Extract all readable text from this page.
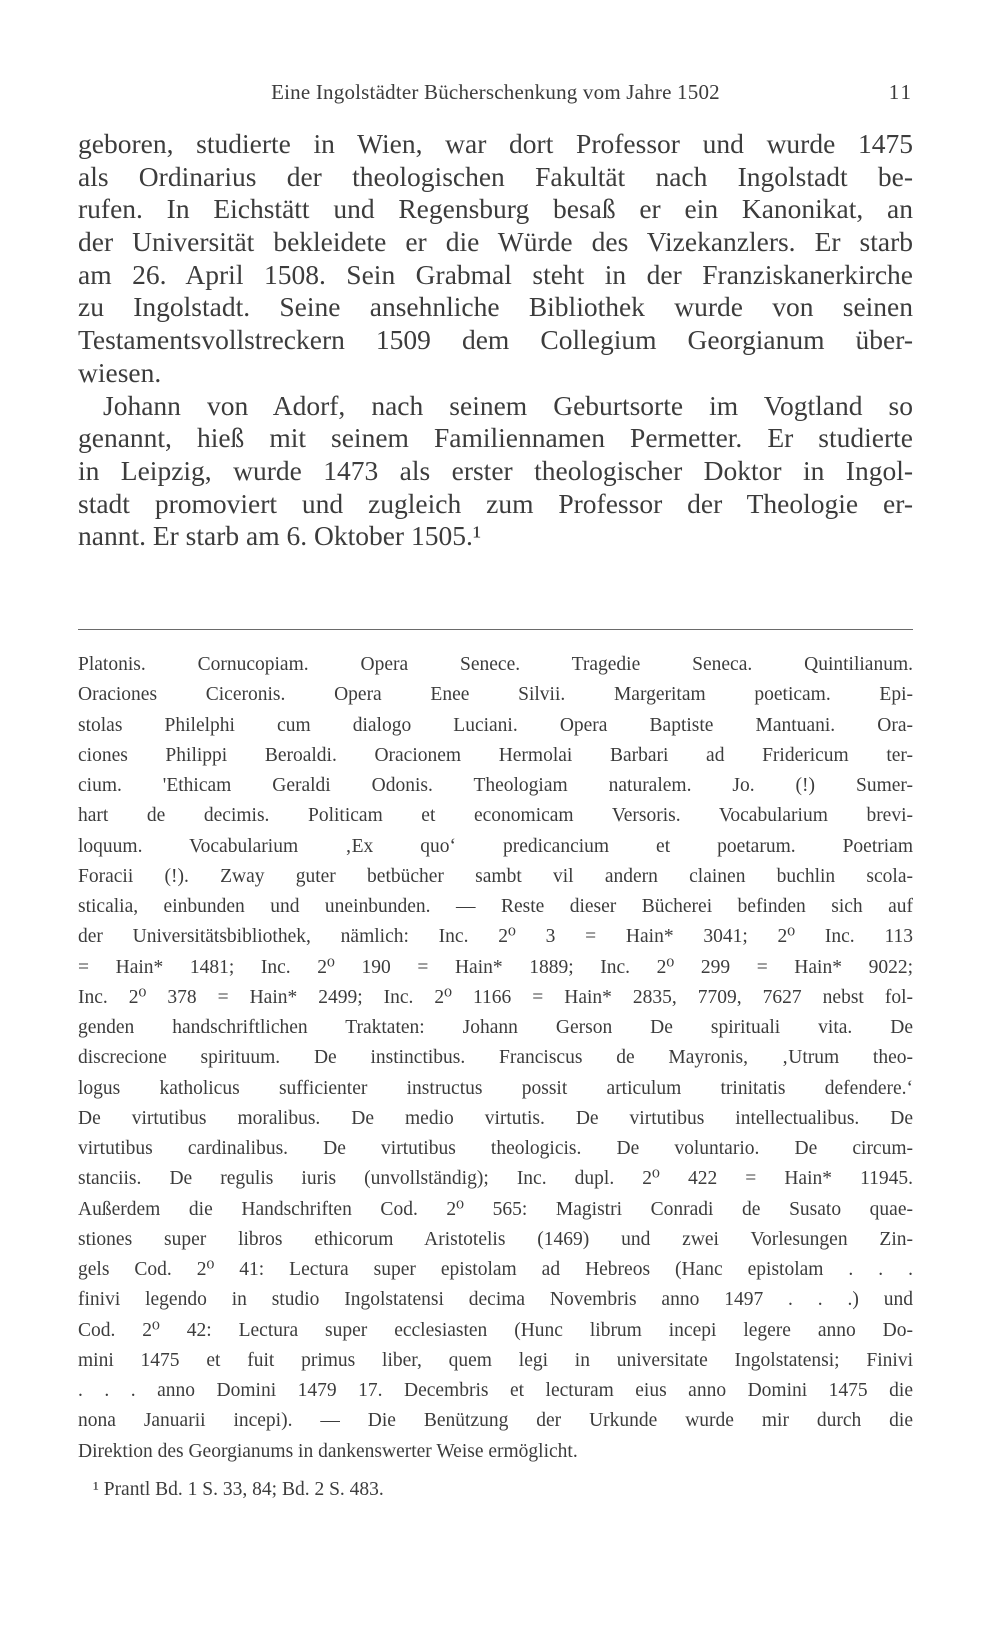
Eine Ingolstädter Bücherschenkung vom Jahre 1502	11
geboren, studierte in Wien, war dort Professor und wurde 1475
als Ordinarius der theologischen Fakultät nach Ingolstadt be-
rufen. In Eichstätt und Regensburg besaß er ein Kanonikat, an
der Universität bekleidete er die Würde des Vizekanzlers. Er starb
am 26. April 1508. Sein Grabmal steht in der Franziskanerkirche
zu Ingolstadt. Seine ansehnliche Bibliothek wurde von seinen
Testamentsvollstreckern 1509 dem Collegium Georgianum über-
wiesen.
Johann von Adorf, nach seinem Geburtsorte im Vogtland so
genannt, hieß mit seinem Familiennamen Permetter. Er studierte
in Leipzig, wurde 1473 als erster theologischer Doktor in Ingol-
stadt promoviert und zugleich zum Professor der Theologie er-
nannt. Er starb am 6. Oktober 1505.¹
Platonis. Cornucopiam. Opera Senece. Tragedie Seneca. Quintilianum.
Oraciones Ciceronis. Opera Enee Silvii. Margeritam poeticam. Epi-
stolas Philelphi cum dialogo Luciani. Opera Baptiste Mantuani. Ora-
ciones Philippi Beroaldi. Oracionem Hermolai Barbari ad Fridericum ter-
cium. 'Ethicam Geraldi Odonis. Theologiam naturalem. Jo. (!) Sumer-
hart de decimis. Politicam et economicam Versoris. Vocabularium brevi-
loquum. Vocabularium ‚Ex quo‘ predicancium et poetarum. Poetriam
Foracii (!). Zway guter betbücher sambt vil andern clainen buchlin scola-
sticalia, einbunden und uneinbunden. — Reste dieser Bücherei befinden sich auf
der Universitätsbibliothek, nämlich: Inc. 2⁰ 3 = Hain* 3041; 2⁰ Inc. 113
= Hain* 1481; Inc. 2⁰ 190 = Hain* 1889; Inc. 2⁰ 299 = Hain* 9022;
Inc. 2⁰ 378 = Hain* 2499; Inc. 2⁰ 1166 = Hain* 2835, 7709, 7627 nebst fol-
genden handschriftlichen Traktaten: Johann Gerson De spirituali vita. De
discrecione spirituum. De instinctibus. Franciscus de Mayronis, ‚Utrum theo-
logus katholicus sufficienter instructus possit articulum trinitatis defendere.‘
De virtutibus moralibus. De medio virtutis. De virtutibus intellectualibus. De
virtutibus cardinalibus. De virtutibus theologicis. De voluntario. De circum-
stanciis. De regulis iuris (unvollständig); Inc. dupl. 2⁰ 422 = Hain* 11945.
Außerdem die Handschriften Cod. 2⁰ 565: Magistri Conradi de Susato quae-
stiones super libros ethicorum Aristotelis (1469) und zwei Vorlesungen Zin-
gels Cod. 2⁰ 41: Lectura super epistolam ad Hebreos (Hanc epistolam . . .
finivi legendo in studio Ingolstatensi decima Novembris anno 1497 . . .) und
Cod. 2⁰ 42: Lectura super ecclesiasten (Hunc librum incepi legere anno Do-
mini 1475 et fuit primus liber, quem legi in universitate Ingolstatensi; Finivi
. . . anno Domini 1479 17. Decembris et lecturam eius anno Domini 1475 die
nona Januarii incepi). — Die Benützung der Urkunde wurde mir durch die
Direktion des Georgianums in dankenswerter Weise ermöglicht.
¹ Prantl Bd. 1 S. 33, 84; Bd. 2 S. 483.
